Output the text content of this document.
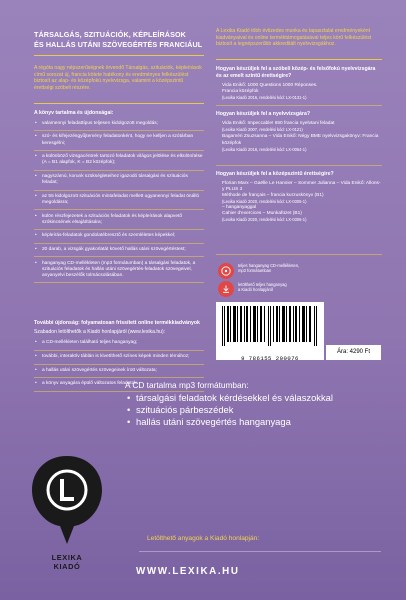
TÁRSALGÁS, SZITUÁCIÓK, KÉPLEÍRÁSOK
ÉS HALLÁS UTÁNI SZÖVEGÉRTÉS FRANCIÁUL
A régóta nagy népszerűségnek örvendő Társalgás, szituációk, képleírások című sorozat új, francia kötete hatékony és eredményes felkészülést biztosít az alap- és középfokú nyelvvizsga, valamint a középszintű érettségi szóbeli részére.
A könyv tartalma és újdonságai:
• valamennyi feladattípus teljesen kidolgozott megoldás;
• szó- és kifejezésgyűjtemény feladatonként, hogy ne kelljen a szótárban keresgélni;
• a különböző vizsgacéntrek tartozó feladatok világos jelölése és elkülönítése (A = B1 alapfok, K = B2 középfok);
• nagyszámú, korunk szükségleteihez igazodó társalgási és szituációs feladat;
• az 55 kidolgozott szituációs mintafeladat mellett ugyanennyi feladat önálló megoldásra;
• külön részfejezetek a szituációs feladatok és képleírások alapvető szókincsének elsajátítására;
• képleírás-feladatok gondolatébresztő és szemléletes képekkel;
• 20 darab, a vizsgák gyakorlatát követő hallás utáni szövegértéstest;
• hanganyag CD-mellékleten (mp3 formátumban) a társalgási feladatok, a szituációs feladatok és hallás utáni szövegértés-feladatok szövegeivel, anyanyelvi beszélők tolmácsolásában.
További újdonság: folyamatosan frissített online termékkiadványok
Szabadon letölthetők a Kiadó honlapjáról (www.lexika.hu):
• a CD-mellékleten található teljes hanganyag;
• további, interaktív táblán is kivetíthető színes képek minden témához;
• a hallás utáni szövegértés szövegeinek írott változata;
• a könyv anyagára épülő változatos feladatok.
A Lexika Kiadó több évtizedes munka és tapasztalat eredményeként kiadványaival és online terméktámogatásával teljes körű felkészülést biztosít a legnépszerűbb akkreditált nyelvvizsgákhoz.
Hogyan készüljek fel a szóbeli közép- és felsőfokú nyelvvizsgára és az emelt szintű érettségire?
Vida Enikő: 1000 Questions 1000 Réponses.
Francia középfok
(Lexika Kiadó 2016, rendelési kód: LX-0131-1)
Hogyan készüljek fel a nyelvvizsgára?
Vida Enikő: Impeccable! 650 francia nyelvtani feladat
(Lexika Kiadó 2007, rendelési kód: LX-0121)
Bagaméri Zsuzsanna – Vida Enikő: Négy BME nyelvvizsgakönyv: Francia középfok
(Lexika Kiadó 2018, rendelési kód: LX-0064-1)
Hogyan készüljek fel a középszintű érettségire?
Florian Marx – Gaëlle Le Hannier – Sommer Julianna – Vida Enikő: Allons-y PLUS 3
Méthode de français – francia kurzuskönyv (B1)
(Lexika Kiadó 2020, rendelési kód: LX-0305-1)
– hanganyaggal
Cahier d'exercices – Munkafüzet (B1)
(Lexika Kiadó 2020, rendelési kód: LX-0306-1)
teljes hanganyag CD-mellékleten,
mp3 formátumban
letölthető teljes hanganyag
a Kiadó honlapjáról
9 786155 200076
Ára: 4290 Ft
A CD tartalma mp3 formátumban:
• társalgási feladatok kérdésekkel és válaszokkal
• szituációs párbeszédek
• hallás utáni szövegértés hanganyaga
LEXIKA
KIADÓ
Letölthető anyagok a Kiadó honlapján:
WWW.LEXIKA.HU
